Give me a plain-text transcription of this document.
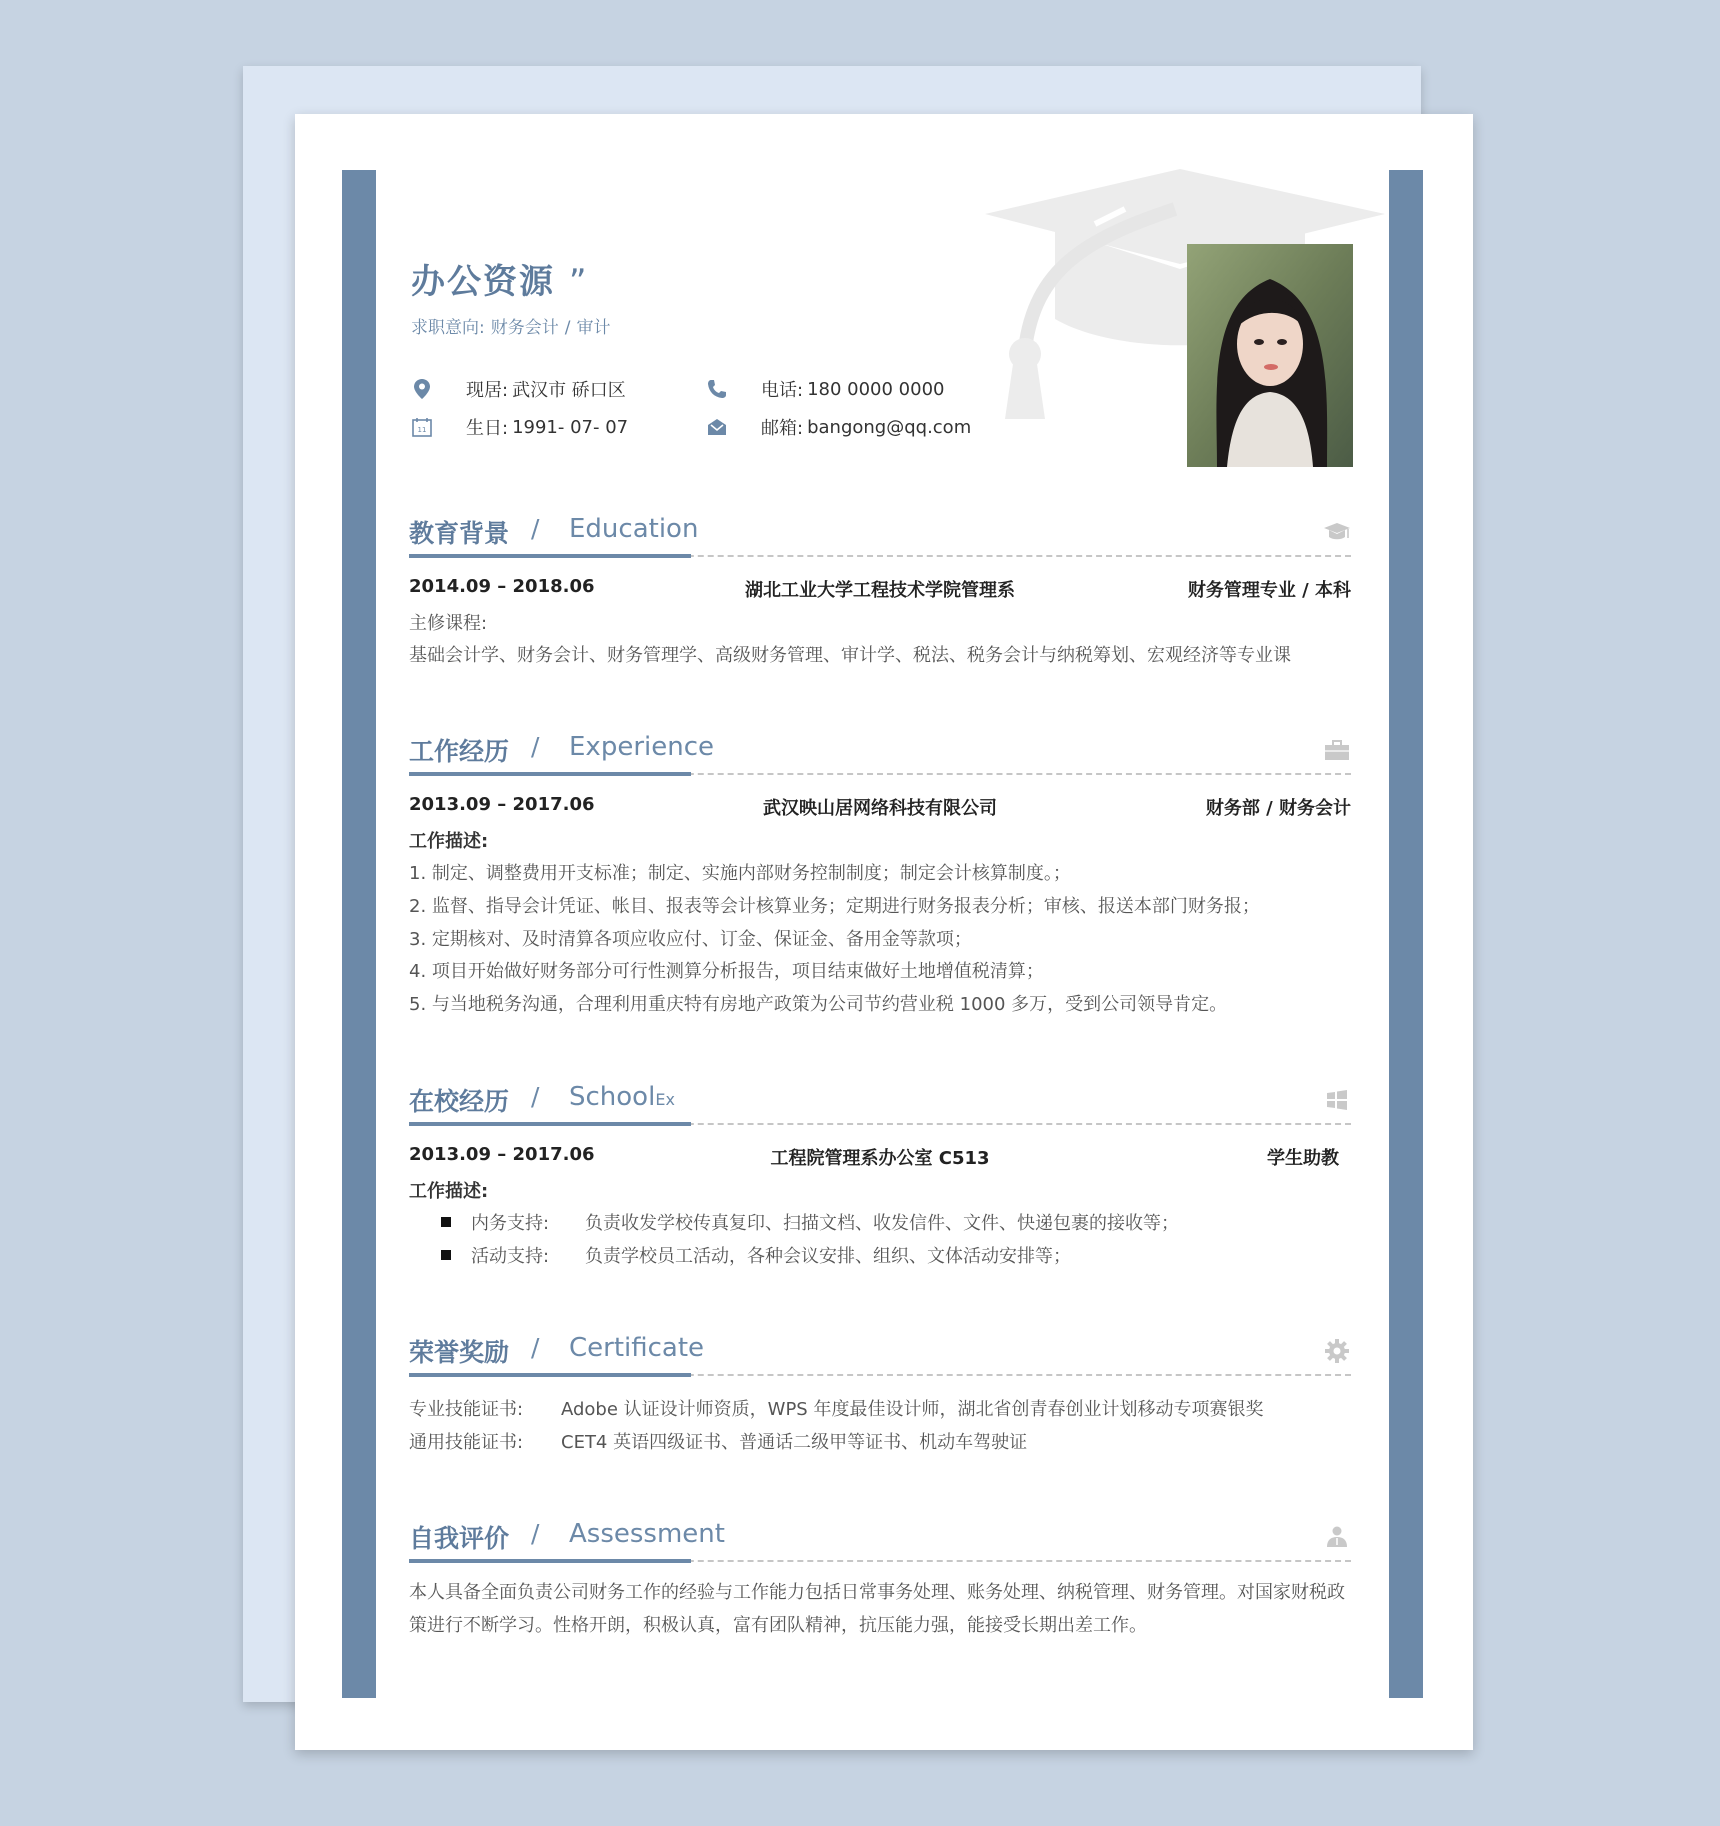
办公资源 ”
求职意向: 财务会计 / 审计
现居: 武汉市 硚口区
11 生日: 1991- 07- 07
电话: 180 0000 0000
邮箱: bangong@qq.com
教育背景 / Education
2014.09 – 2018.06	湖北工业大学工程技术学院管理系	财务管理专业 / 本科
主修课程:
基础会计学、财务会计、财务管理学、高级财务管理、审计学、税法、税务会计与纳税筹划、宏观经济等专业课
工作经历 / Experience
2013.09 – 2017.06	武汉映山居网络科技有限公司	财务部 / 财务会计
工作描述:
1. 制定、调整费用开支标准；制定、实施内部财务控制制度；制定会计核算制度。；
2. 监督、指导会计凭证、帐目、报表等会计核算业务；定期进行财务报表分析；审核、报送本部门财务报；
3. 定期核对、及时清算各项应收应付、订金、保证金、备用金等款项；
4. 项目开始做好财务部分可行性测算分析报告，项目结束做好土地增值税清算；
5. 与当地税务沟通，合理利用重庆特有房地产政策为公司节约营业税 1000 多万，受到公司领导肯定。
在校经历 / SchoolEx
2013.09 – 2017.06	工程院管理系办公室 C513	学生助教
工作描述:
内务支持: 负责收发学校传真复印、扫描文档、收发信件、文件、快递包裹的接收等；
活动支持: 负责学校员工活动，各种会议安排、组织、文体活动安排等；
荣誉奖励 / Certificate
专业技能证书: Adobe 认证设计师资质，WPS 年度最佳设计师，湖北省创青春创业计划移动专项赛银奖
通用技能证书: CET4 英语四级证书、普通话二级甲等证书、机动车驾驶证
自我评价 / Assessment
本人具备全面负责公司财务工作的经验与工作能力包括日常事务处理、账务处理、纳税管理、财务管理。对国家财税政策进行不断学习。性格开朗，积极认真，富有团队精神，抗压能力强，能接受长期出差工作。
